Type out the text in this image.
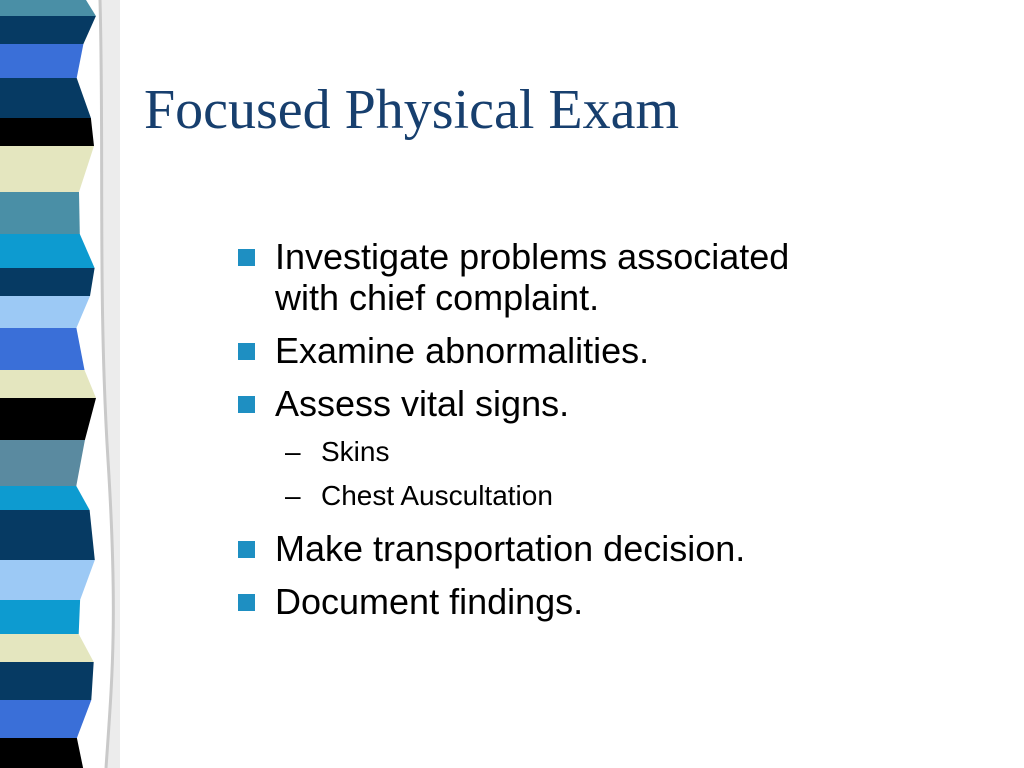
Focused Physical Exam
Investigate problems associated with chief complaint.
Examine abnormalities.
Assess vital signs.
– Skins
– Chest Auscultation
Make transportation decision.
Document findings.
